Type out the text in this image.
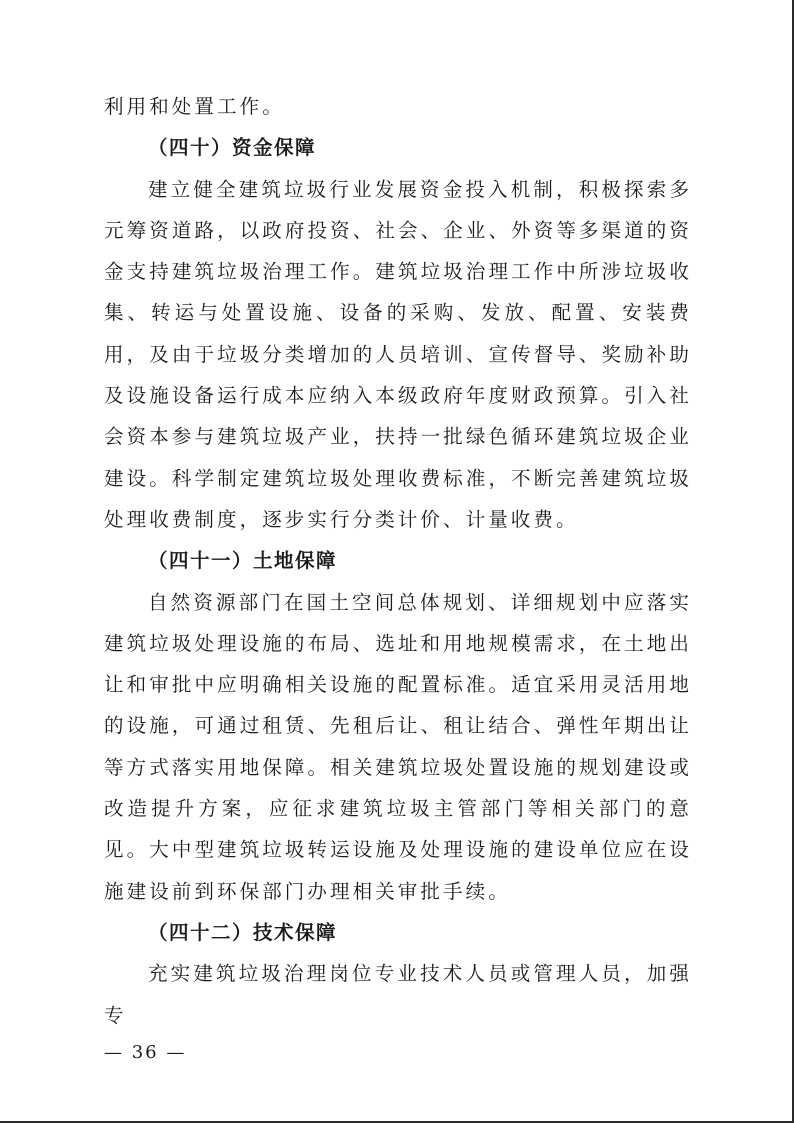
利用和处置工作。

（四十）资金保障

建立健全建筑垃圾行业发展资金投入机制，积极探索多元筹资道路，以政府投资、社会、企业、外资等多渠道的资金支持建筑垃圾治理工作。建筑垃圾治理工作中所涉垃圾收集、转运与处置设施、设备的采购、发放、配置、安装费用，及由于垃圾分类增加的人员培训、宣传督导、奖励补助及设施设备运行成本应纳入本级政府年度财政预算。引入社会资本参与建筑垃圾产业，扶持一批绿色循环建筑垃圾企业建设。科学制定建筑垃圾处理收费标准，不断完善建筑垃圾处理收费制度，逐步实行分类计价、计量收费。

（四十一）土地保障

自然资源部门在国土空间总体规划、详细规划中应落实建筑垃圾处理设施的布局、选址和用地规模需求，在土地出让和审批中应明确相关设施的配置标准。适宜采用灵活用地的设施，可通过租赁、先租后让、租让结合、弹性年期出让等方式落实用地保障。相关建筑垃圾处置设施的规划建设或改造提升方案，应征求建筑垃圾主管部门等相关部门的意见。大中型建筑垃圾转运设施及处理设施的建设单位应在设施建设前到环保部门办理相关审批手续。

（四十二）技术保障

充实建筑垃圾治理岗位专业技术人员或管理人员，加强专

— 36 —
